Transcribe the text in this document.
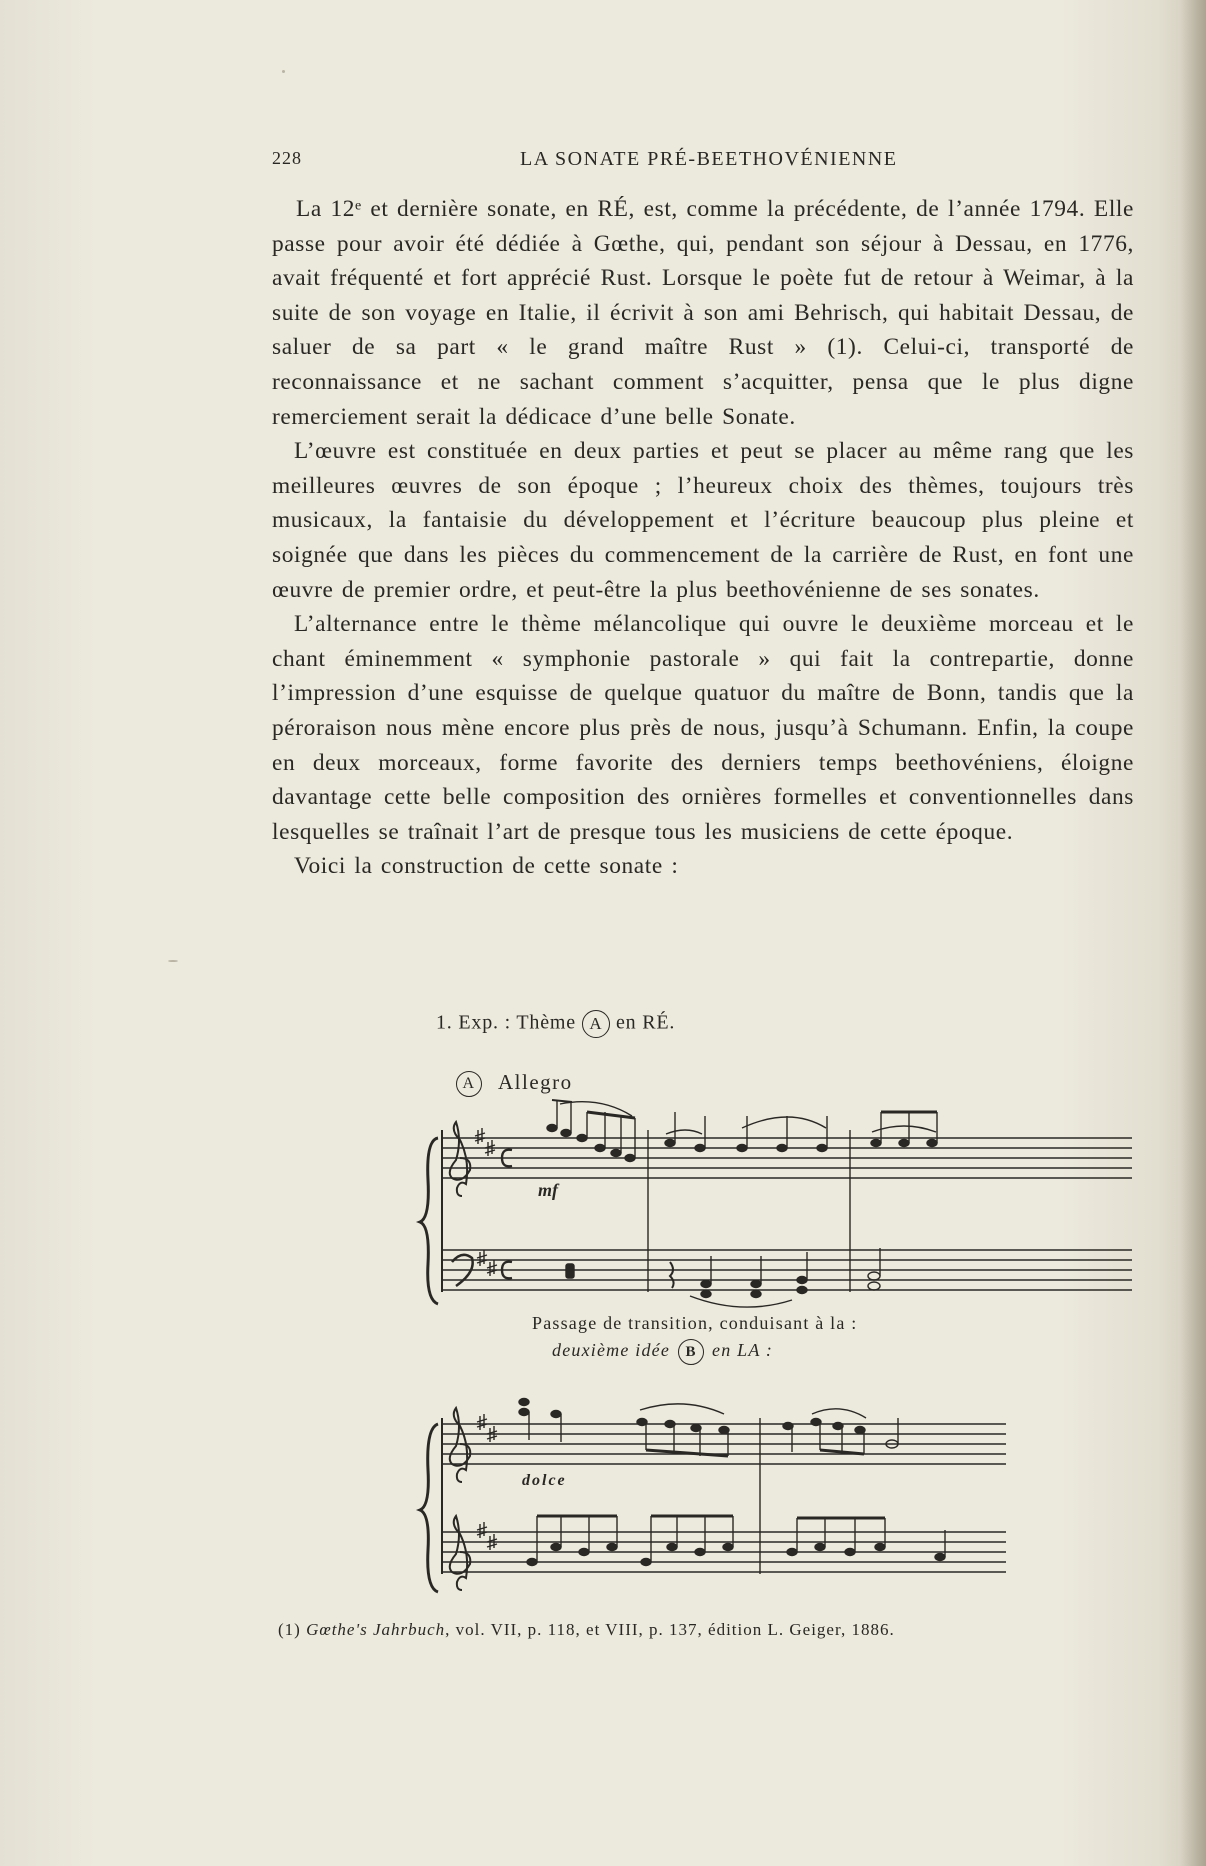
228	LA SONATE PRÉ-BEETHOVÉNIENNE

La 12ᵉ et dernière sonate, en RÉ, est, comme la précédente, de l’année 1794. Elle passe pour avoir été dédiée à Gœthe, qui, pendant son séjour à Dessau, en 1776, avait fréquenté et fort apprécié Rust. Lorsque le poète fut de retour à Weimar, à la suite de son voyage en Italie, il écrivit à son ami Behrisch, qui habitait Dessau, de saluer de sa part « le grand maître Rust » (1). Celui-ci, transporté de reconnaissance et ne sachant comment s’acquitter, pensa que le plus digne remerciement serait la dédicace d’une belle Sonate.

L’œuvre est constituée en deux parties et peut se placer au même rang que les meilleures œuvres de son époque ; l’heureux choix des thèmes, toujours très musicaux, la fantaisie du développement et l’écriture beaucoup plus pleine et soignée que dans les pièces du commencement de la carrière de Rust, en font une œuvre de premier ordre, et peut-être la plus beethovénienne de ses sonates.

L’alternance entre le thème mélancolique qui ouvre le deuxième morceau et le chant éminemment « symphonie pastorale » qui fait la contrepartie, donne l’impression d’une esquisse de quelque quatuor du maître de Bonn, tandis que la péroraison nous mène encore plus près de nous, jusqu’à Schumann. Enfin, la coupe en deux morceaux, forme favorite des derniers temps beethovéniens, éloigne davantage cette belle composition des ornières formelles et conventionnelles dans lesquelles se traînait l’art de presque tous les musiciens de cette époque.

Voici la construction de cette sonate :

1. Exp. : Thème A en RÉ.
A Allegro
mf
Passage de transition, conduisant à la :
deuxième idée B en LA :
dolce
(1) Gœthe's Jahrbuch, vol. VII, p. 118, et VIII, p. 137, édition L. Geiger, 1886.
